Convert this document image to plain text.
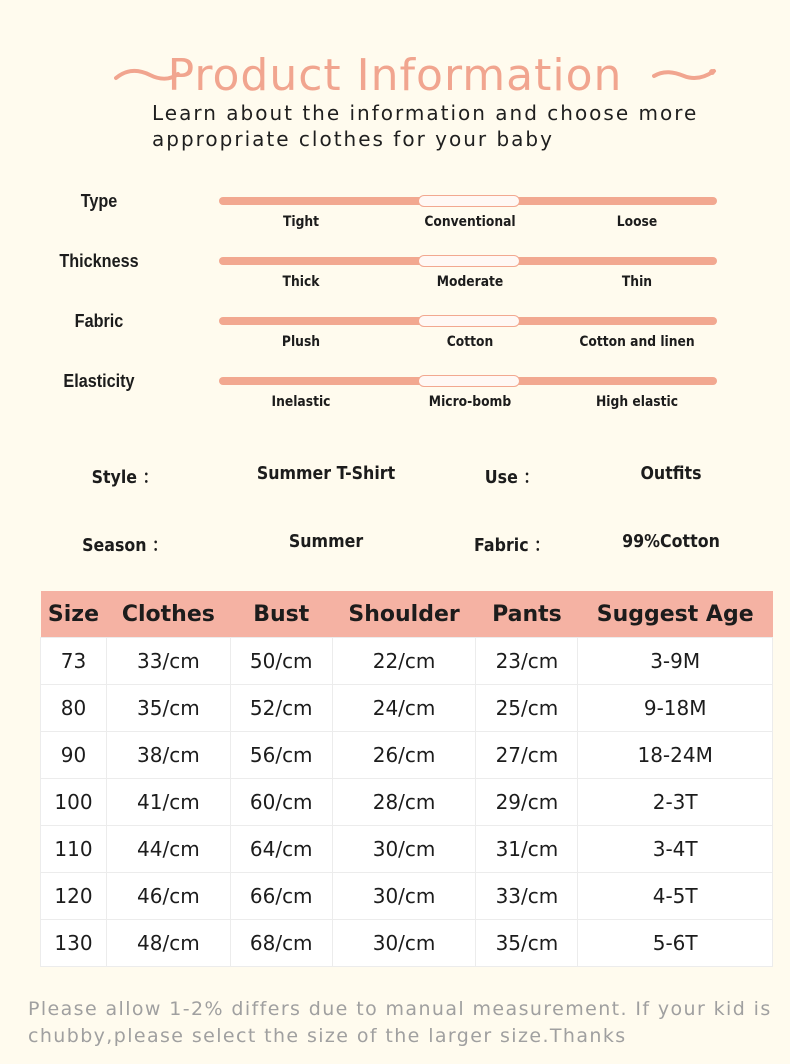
Product Information
Learn about the information and choose more
appropriate clothes for your baby
Type
Tight	Conventional	Loose
Thickness
Thick	Moderate	Thin
Fabric
Plush	Cotton	Cotton and linen
Elasticity
Inelastic	Micro-bomb	High elastic
Style ：	Summer T-Shirt	Use ：	Outfits
Season ：	Summer	Fabric ：	99%Cotton
Size	Clothes	Bust	Shoulder	Pants	Suggest Age
73	33/cm	50/cm	22/cm	23/cm	3-9M
80	35/cm	52/cm	24/cm	25/cm	9-18M
90	38/cm	56/cm	26/cm	27/cm	18-24M
100	41/cm	60/cm	28/cm	29/cm	2-3T
110	44/cm	64/cm	30/cm	31/cm	3-4T
120	46/cm	66/cm	30/cm	33/cm	4-5T
130	48/cm	68/cm	30/cm	35/cm	5-6T
Please allow 1-2% differs due to manual measurement. If your kid is
chubby,please select the size of the larger size.Thanks
